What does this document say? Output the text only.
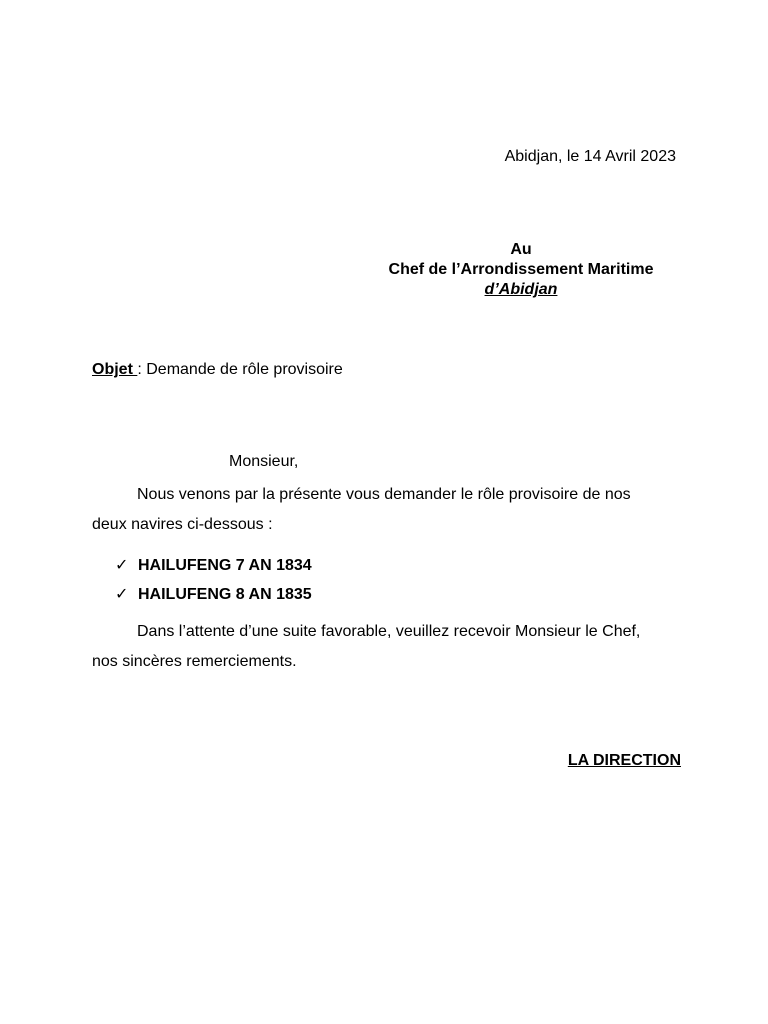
Abidjan, le 14 Avril 2023
Au
Chef de l’Arrondissement Maritime
d’Abidjan
Objet : Demande de rôle provisoire
Monsieur,
Nous venons par la présente vous demander le rôle provisoire de nos deux navires ci-dessous :
✓ HAILUFENG 7 AN 1834
✓ HAILUFENG 8 AN 1835
Dans l’attente d’une suite favorable, veuillez recevoir Monsieur le Chef, nos sincères remerciements.
LA DIRECTION
